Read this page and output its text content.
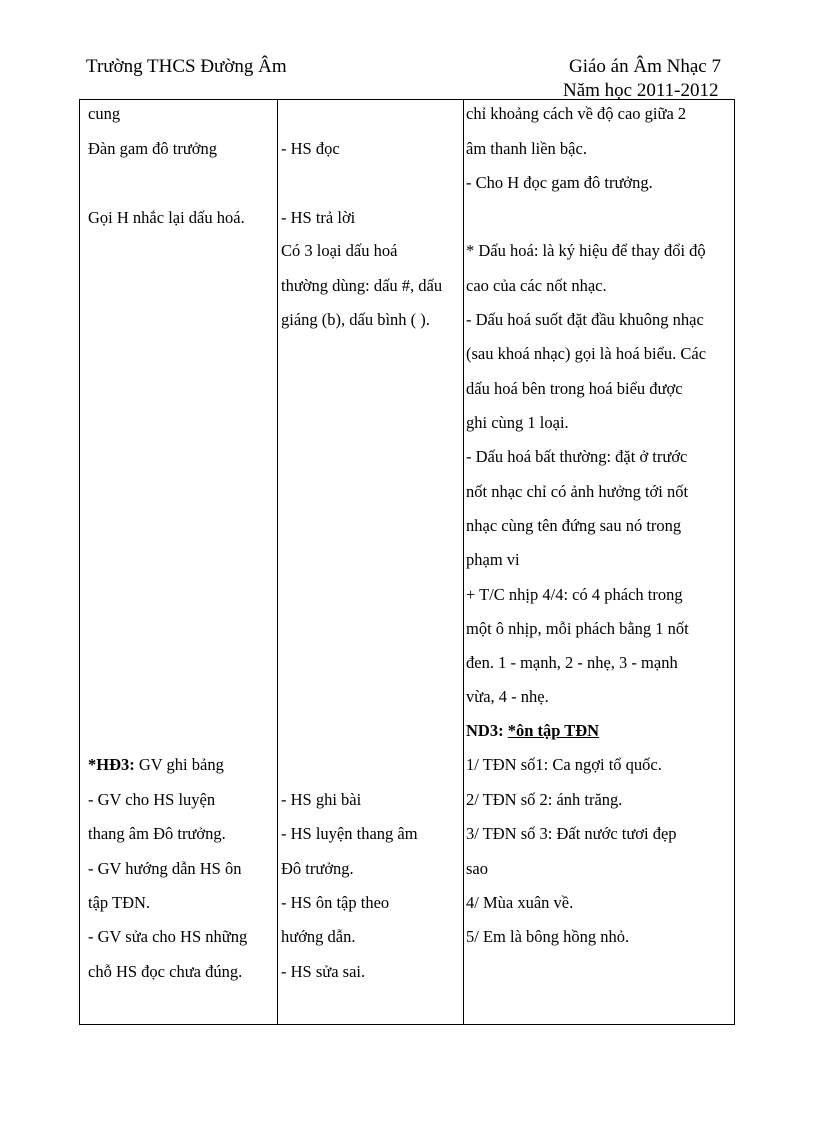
Trường THCS Đường Âm	Giáo án Âm Nhạc 7
Năm học 2011-2012
cung
Đàn gam đô trưởng
Gọi H nhắc lại dấu hoá.
*HĐ3: GV ghi bảng
- GV cho HS luyện
thang âm Đô trưởng.
- GV hướng dẫn HS ôn
tập TĐN.
- GV sửa cho HS những
chỗ HS đọc chưa đúng.
- HS đọc
- HS trả lời
Có 3 loại dấu hoá
thường dùng: dấu #, dấu
giáng (b), dấu bình ( ).
- HS ghi bài
- HS luyện thang âm
Đô trưởng.
- HS ôn tập theo
hướng dẫn.
- HS sửa sai.
chỉ khoảng cách về độ cao giữa 2
âm thanh liền bậc.
- Cho H đọc gam đô trưởng.
* Dấu hoá: là ký hiệu để thay đổi độ
cao của các nốt nhạc.
- Dấu hoá suốt đặt đầu khuông nhạc
(sau khoá nhạc) gọi là hoá biểu. Các
dấu hoá bên trong hoá biểu được
ghi cùng 1 loại.
- Dấu hoá bất thường: đặt ở trước
nốt nhạc chỉ có ảnh hưởng tới nốt
nhạc cùng tên đứng sau nó trong
phạm vi
+ T/C nhịp 4/4: có 4 phách trong
một ô nhịp, mỗi phách bằng 1 nốt
đen. 1 - mạnh, 2 - nhẹ, 3 - mạnh
vừa, 4 - nhẹ.
ND3: *ôn tập TĐN
1/ TĐN số1: Ca ngợi tổ quốc.
2/ TĐN số 2: ánh trăng.
3/ TĐN số 3: Đất nước tươi đẹp
sao
4/ Mùa xuân về.
5/ Em là bông hồng nhỏ.
